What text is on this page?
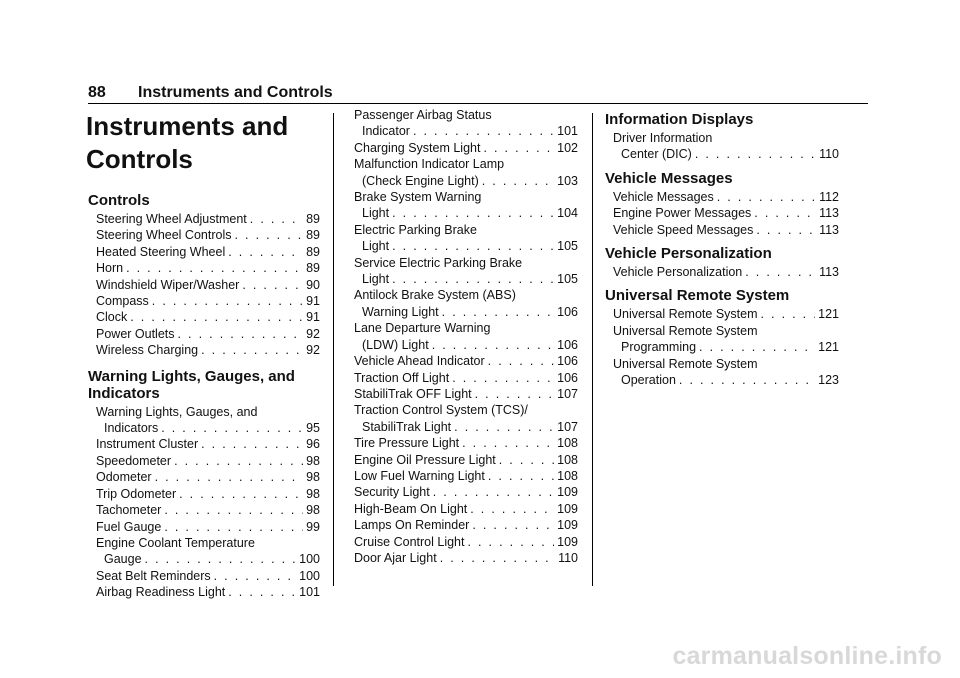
88 Instruments and Controls
Instruments and
Controls
Controls
Steering Wheel Adjustment . . .	89
Steering Wheel Controls . . .	89
Heated Steering Wheel . . .	89
Horn . . .	89
Windshield Wiper/Washer . . .	90
Compass . . .	91
Clock . . .	91
Power Outlets . . .	92
Wireless Charging . . .	92
Warning Lights, Gauges, and
Indicators
Warning Lights, Gauges, and
Indicators . . .	95
Instrument Cluster . . .	96
Speedometer . . .	98
Odometer . . .	98
Trip Odometer . . .	98
Tachometer . . .	98
Fuel Gauge . . .	99
Engine Coolant Temperature
Gauge . . .	100
Seat Belt Reminders . . .	100
Airbag Readiness Light . . .	101
Passenger Airbag Status
Indicator . . .	101
Charging System Light . . .	102
Malfunction Indicator Lamp
(Check Engine Light) . . .	103
Brake System Warning
Light . . .	104
Electric Parking Brake
Light . . .	105
Service Electric Parking Brake
Light . . .	105
Antilock Brake System (ABS)
Warning Light . . .	106
Lane Departure Warning
(LDW) Light . . .	106
Vehicle Ahead Indicator . . .	106
Traction Off Light . . .	106
StabiliTrak OFF Light . . .	107
Traction Control System (TCS)/
StabiliTrak Light . . .	107
Tire Pressure Light . . .	108
Engine Oil Pressure Light . . .	108
Low Fuel Warning Light . . .	108
Security Light . . .	109
High-Beam On Light . . .	109
Lamps On Reminder . . .	109
Cruise Control Light . . .	109
Door Ajar Light . . .	110
Information Displays
Driver Information
Center (DIC) . . .	110
Vehicle Messages
Vehicle Messages . . .	112
Engine Power Messages . . .	113
Vehicle Speed Messages . . .	113
Vehicle Personalization
Vehicle Personalization . . .	113
Universal Remote System
Universal Remote System . . .	121
Universal Remote System
Programming . . .	121
Universal Remote System
Operation . . .	123
carmanualsonline.info
